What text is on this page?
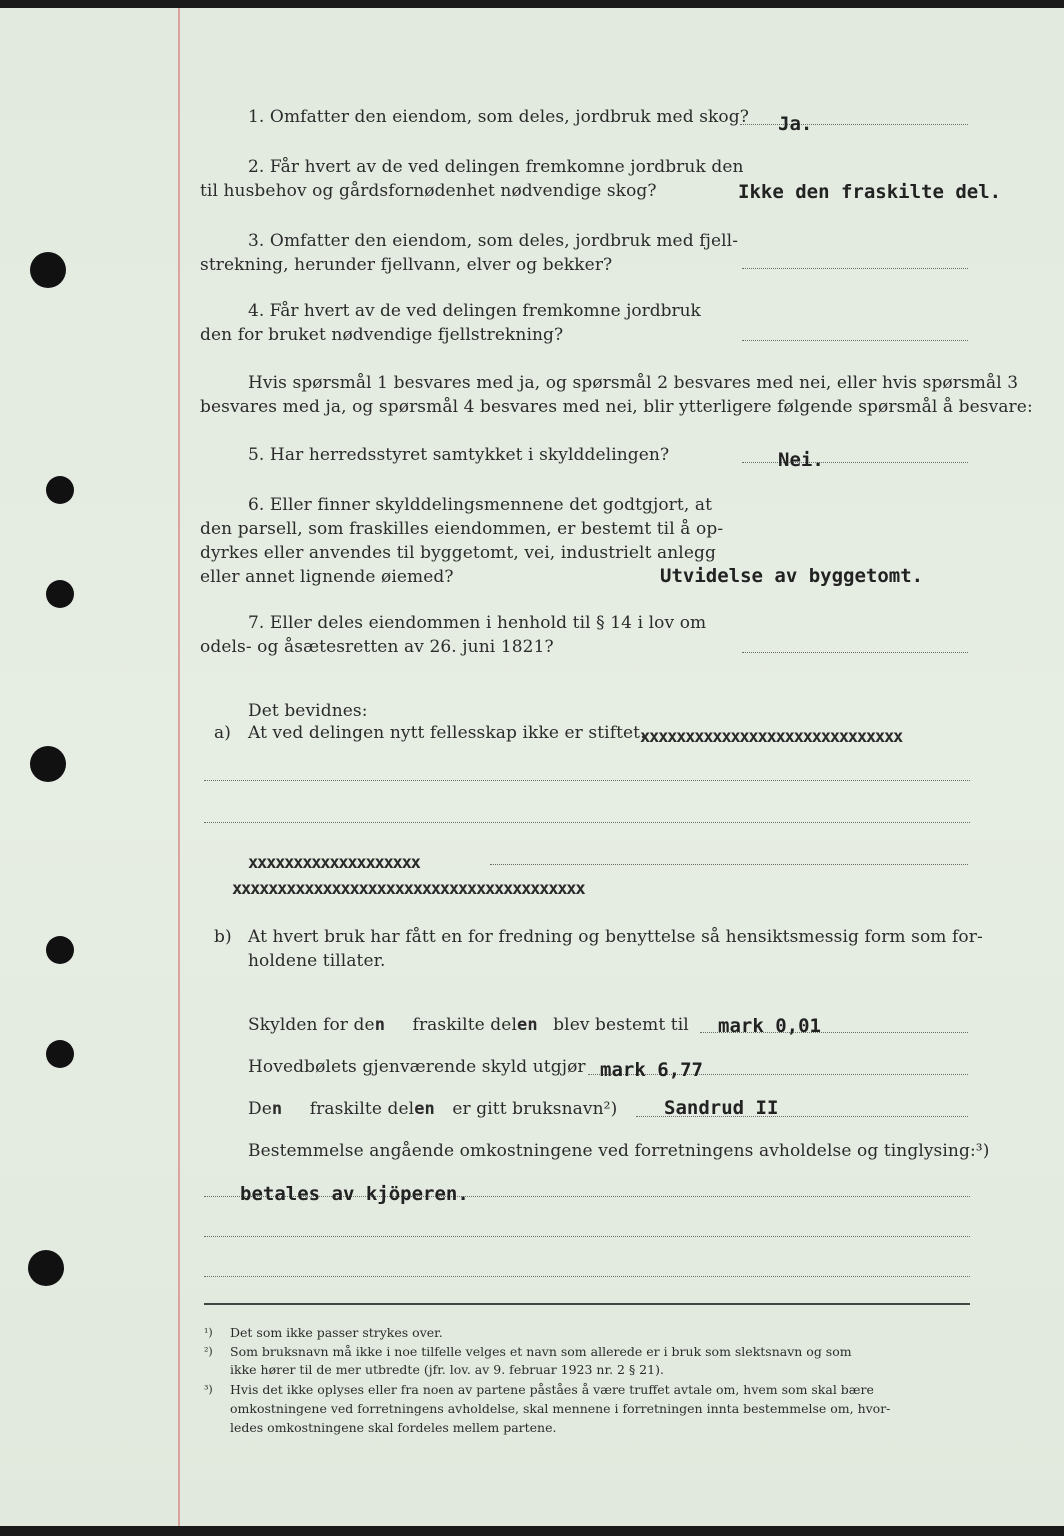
1. Omfatter den eiendom, som deles, jordbruk med skog? Ja.
2. Får hvert av de ved delingen fremkomne jordbruk den
til husbehov og gårdsfornødenhet nødvendige skog?	Ikke den fraskilte del.
3. Omfatter den eiendom, som deles, jordbruk med fjell-
strekning, herunder fjellvann, elver og bekker?
4. Får hvert av de ved delingen fremkomne jordbruk
den for bruket nødvendige fjellstrekning?
Hvis spørsmål 1 besvares med ja, og spørsmål 2 besvares med nei, eller hvis spørsmål 3
besvares med ja, og spørsmål 4 besvares med nei, blir ytterligere følgende spørsmål å besvare:
5. Har herredsstyret samtykket i skylddelingen?	Nei.
6. Eller finner skylddelingsmennene det godtgjort, at
den parsell, som fraskilles eiendommen, er bestemt til å op-
dyrkes eller anvendes til byggetomt, vei, industrielt anlegg
eller annet lignende øiemed?	Utvidelse av byggetomt.
7. Eller deles eiendommen i henhold til § 14 i lov om
odels- og åsætesretten av 26. juni 1821?
Det bevidnes:
a) At ved delingen nytt fellesskap ikke er stiftet.
xxxxxxxxxxxxxxxxxxxxxxxxxxxxx
xxxxxxxxxxxxxxxxxxx
xxxxxxxxxxxxxxxxxxxxxxxxxxxxxxxxxxxxxxx
b) At hvert bruk har fått en for fredning og benyttelse så hensiktsmessig form som for-
holdene tillater.
Skylden for den fraskilte delen blev bestemt til mark 0,01
Hovedbølets gjenværende skyld utgjør mark 6,77
Den fraskilte delen er gitt bruksnavn²) Sandrud II
Bestemmelse angående omkostningene ved forretningens avholdelse og tinglysing:³)
betales av kjöperen.
¹) Det som ikke passer strykes over.
²) Som bruksnavn må ikke i noe tilfelle velges et navn som allerede er i bruk som slektsnavn og som
ikke hører til de mer utbredte (jfr. lov. av 9. februar 1923 nr. 2 § 21).
³) Hvis det ikke oplyses eller fra noen av partene påståes å være truffet avtale om, hvem som skal bære
omkostningene ved forretningens avholdelse, skal mennene i forretningen innta bestemmelse om, hvor-
ledes omkostningene skal fordeles mellem partene.
